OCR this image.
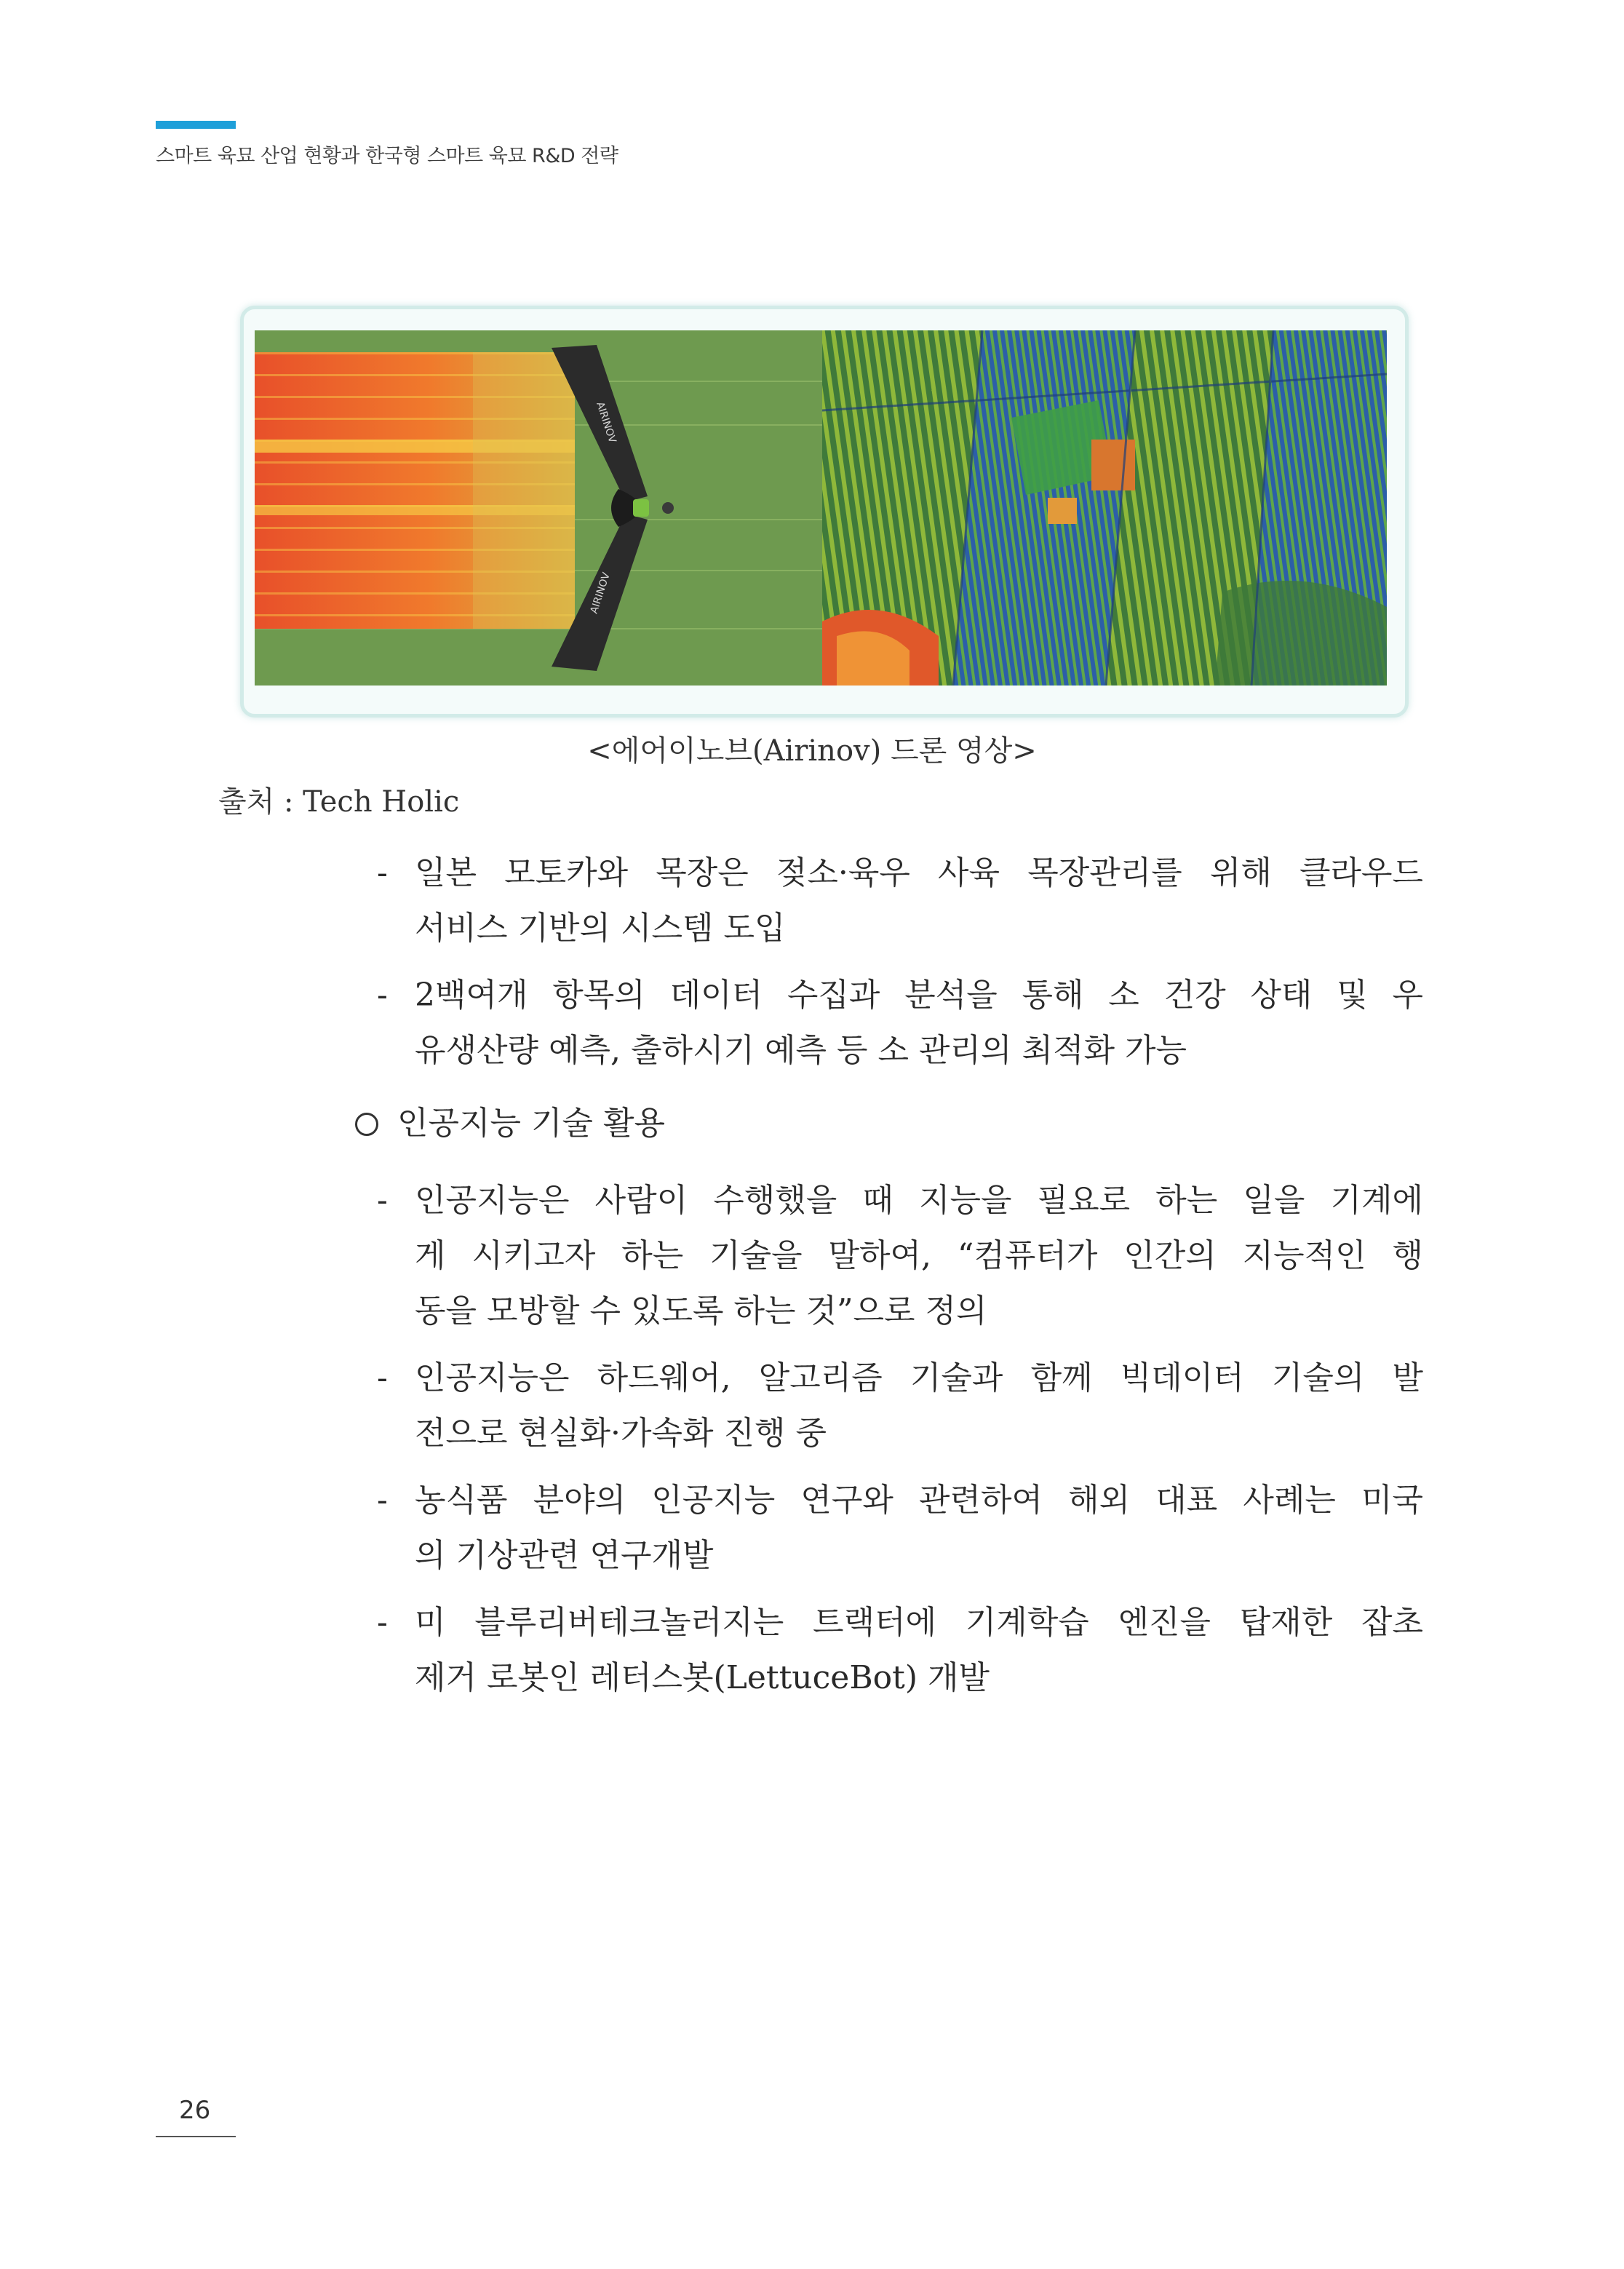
스마트 육묘 산업 현황과 한국형 스마트 육묘 R&D 전략
AIRINOV
AIRINOV
<에어이노브(Airinov) 드론 영상>
출처 : Tech Holic
- 일본 모토카와 목장은 젖소·육우 사육 목장관리를 위해 클라우드
서비스 기반의 시스템 도입
- 2백여개 항목의 데이터 수집과 분석을 통해 소 건강 상태 및 우
유생산량 예측, 출하시기 예측 등 소 관리의 최적화 가능
인공지능 기술 활용
- 인공지능은 사람이 수행했을 때 지능을 필요로 하는 일을 기계에
게 시키고자 하는 기술을 말하여, “컴퓨터가 인간의 지능적인 행
동을 모방할 수 있도록 하는 것”으로 정의
- 인공지능은 하드웨어, 알고리즘 기술과 함께 빅데이터 기술의 발
전으로 현실화·가속화 진행 중
- 농식품 분야의 인공지능 연구와 관련하여 해외 대표 사례는 미국
의 기상관련 연구개발
- 미 블루리버테크놀러지는 트랙터에 기계학습 엔진을 탑재한 잡초
제거 로봇인 레터스봇(LettuceBot) 개발
26
